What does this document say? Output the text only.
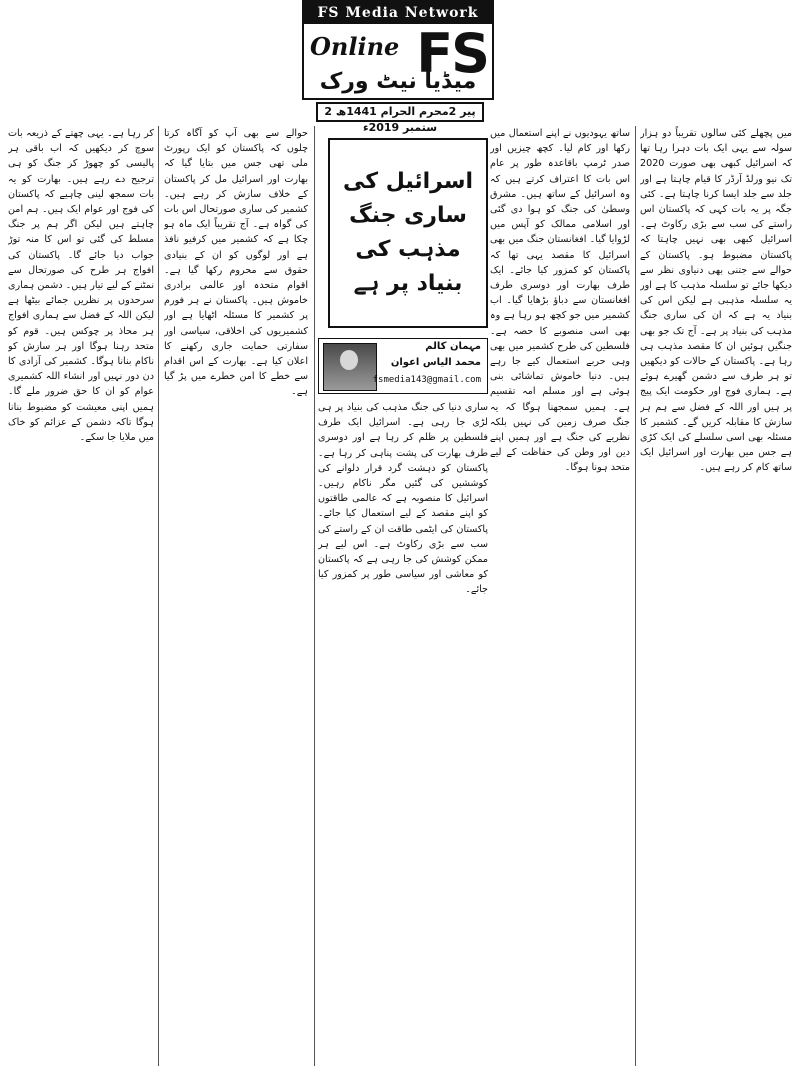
FS Media Network
Online FS
میڈیا نیٹ ورک
پیر 2محرم الحرام 1441ھ 2 ستمبر 2019ء	میں پچھلے کئی سالوں تقریباً دو ہزار سولہ سے یہی ایک بات دہرا رہا تھا کہ اسرائیل کبھی بھی صورت 2020 تک نیو ورلڈ آرڈر کا قیام چاہتا ہے اور جلد سے جلد ایسا کرنا چاہتا ہے۔ کئی جگہ پر یہ بات کہی کہ پاکستان اس راستے کی سب سے بڑی رکاوٹ ہے۔ اسرائیل کبھی بھی نہیں چاہتا کہ پاکستان مضبوط ہو۔ پاکستان کے حوالے سے جتنی بھی دنیاوی نظر سے دیکھا جائے تو سلسلہ مذہب کا ہے اور یہ سلسلہ مذہبی ہے لیکن اس کی بنیاد یہ ہے کہ ان کی ساری جنگ مذہب کی بنیاد پر ہے۔ آج تک جو بھی جنگیں ہوئیں ان کا مقصد مذہب ہی رہا ہے۔ پاکستان کے حالات کو دیکھیں تو ہر طرف سے دشمن گھیرے ہوئے ہے۔ ہماری فوج اور حکومت ایک پیج پر ہیں اور اللہ کے فضل سے ہم ہر سازش کا مقابلہ کریں گے۔ کشمیر کا مسئلہ بھی اسی سلسلے کی ایک کڑی ہے جس میں بھارت اور اسرائیل ایک ساتھ کام کر رہے ہیں۔

ساتھ یہودیوں نے اپنے استعمال میں رکھا اور کام لیا۔ کچھ چیزیں اور صدر ٹرمپ باقاعدہ طور پر عام اس بات کا اعتراف کرتے ہیں کہ وہ اسرائیل کے ساتھ ہیں۔ مشرق وسطیٰ کی جنگ کو ہوا دی گئی اور اسلامی ممالک کو آپس میں لڑوایا گیا۔ افغانستان جنگ میں بھی اسرائیل کا مقصد یہی تھا کہ پاکستان کو کمزور کیا جائے۔ ایک طرف بھارت اور دوسری طرف افغانستان سے دباؤ بڑھایا گیا۔ اب کشمیر میں جو کچھ ہو رہا ہے وہ بھی اسی منصوبے کا حصہ ہے۔ فلسطین کی طرح کشمیر میں بھی وہی حربے استعمال کیے جا رہے ہیں۔ دنیا خاموش تماشائی بنی ہوئی ہے اور مسلم امہ تقسیم ہے۔ ہمیں سمجھنا ہوگا کہ یہ جنگ صرف زمین کی نہیں بلکہ نظریے کی جنگ ہے اور ہمیں اپنے دین اور وطن کی حفاظت کے لیے متحد ہونا ہوگا۔

ساری دنیا کی جنگ مذہب کی بنیاد پر ہی لڑی جا رہی ہے۔ اسرائیل ایک طرف فلسطین پر ظلم کر رہا ہے اور دوسری طرف بھارت کی پشت پناہی کر رہا ہے۔ پاکستان کو دہشت گرد قرار دلوانے کی کوششیں کی گئیں مگر ناکام رہیں۔ اسرائیل کا منصوبہ ہے کہ عالمی طاقتوں کو اپنے مقصد کے لیے استعمال کیا جائے۔ پاکستان کی ایٹمی طاقت ان کے راستے کی سب سے بڑی رکاوٹ ہے۔ اس لیے ہر ممکن کوشش کی جا رہی ہے کہ پاکستان کو معاشی اور سیاسی طور پر کمزور کیا جائے۔

حوالے سے بھی آپ کو آگاہ کرتا چلوں کہ پاکستان کو ایک رپورٹ ملی تھی جس میں بتایا گیا کہ بھارت اور اسرائیل مل کر پاکستان کے خلاف سازش کر رہے ہیں۔ کشمیر کی ساری صورتحال اس بات کی گواہ ہے۔ آج تقریباً ایک ماہ ہو چکا ہے کہ کشمیر میں کرفیو نافذ ہے اور لوگوں کو ان کے بنیادی حقوق سے محروم رکھا گیا ہے۔ اقوام متحدہ اور عالمی برادری خاموش ہیں۔ پاکستان نے ہر فورم پر کشمیر کا مسئلہ اٹھایا ہے اور کشمیریوں کی اخلاقی، سیاسی اور سفارتی حمایت جاری رکھنے کا اعلان کیا ہے۔ بھارت کے اس اقدام سے خطے کا امن خطرے میں پڑ گیا ہے۔

کر رہا ہے۔ یہی چھتے کے ذریعہ بات سوچ کر دیکھیں کہ اب باقی ہر پالیسی کو چھوڑ کر جنگ کو ہی ترجیح دے رہے ہیں۔ بھارت کو یہ بات سمجھ لینی چاہیے کہ پاکستان کی فوج اور عوام ایک ہیں۔ ہم امن چاہتے ہیں لیکن اگر ہم پر جنگ مسلط کی گئی تو اس کا منہ توڑ جواب دیا جائے گا۔ پاکستان کی افواج ہر طرح کی صورتحال سے نمٹنے کے لیے تیار ہیں۔ دشمن ہماری سرحدوں پر نظریں جمائے بیٹھا ہے لیکن اللہ کے فضل سے ہماری افواج ہر محاذ پر چوکس ہیں۔ قوم کو متحد رہنا ہوگا اور ہر سازش کو ناکام بنانا ہوگا۔ کشمیر کی آزادی کا دن دور نہیں اور انشاء اللہ کشمیری عوام کو ان کا حق ضرور ملے گا۔ ہمیں اپنی معیشت کو مضبوط بنانا ہوگا تاکہ دشمن کے عزائم کو خاک میں ملایا جا سکے۔

اسرائیل کی ساری جنگ مذہب کی بنیاد پر ہے
مہمان کالم
محمد الیاس اعوان
fsmedia143@gmail.com
